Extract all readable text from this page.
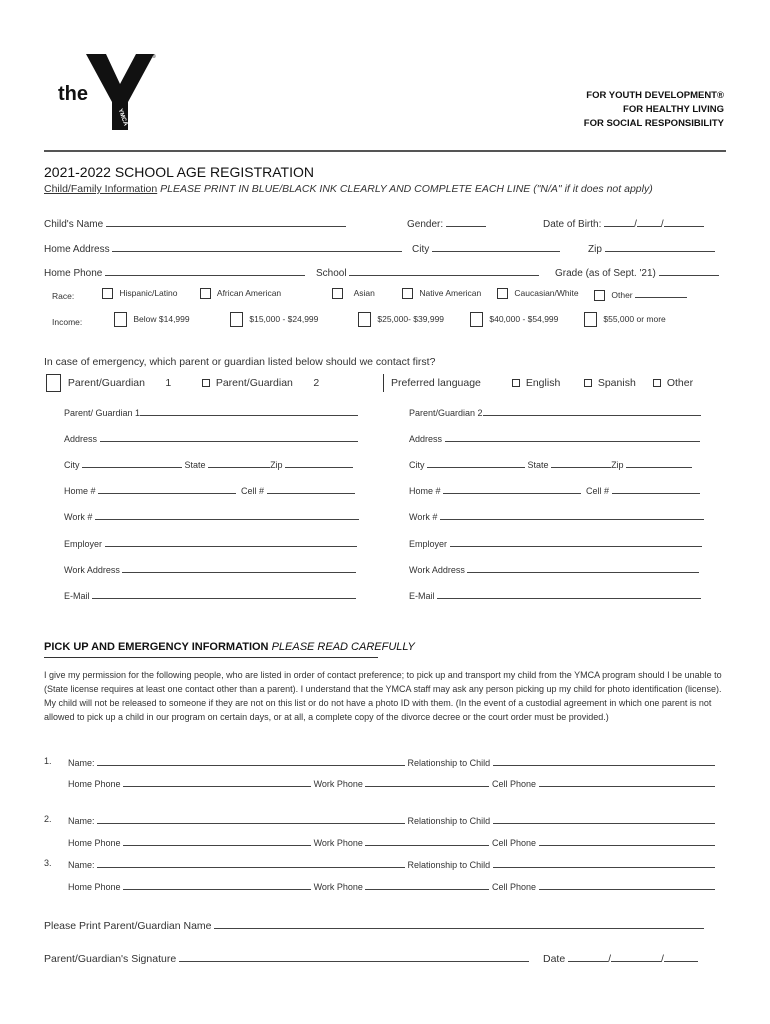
®
the
YMCA
FOR YOUTH DEVELOPMENT®
FOR HEALTHY LIVING
FOR SOCIAL RESPONSIBILITY
2021-2022 SCHOOL AGE REGISTRATION
Child/Family Information PLEASE PRINT IN BLUE/BLACK INK CLEARLY AND COMPLETE EACH LINE ("N/A" if it does not apply)
Child's Name	Gender:	Date of Birth:	/ /
Home Address	City	Zip
Home Phone	School	Grade (as of Sept. '21)
Race:	Hispanic/Latino	African American	Asian	Native American	Caucasian/White	Other
Income:	Below $14,999	$15,000 - $24,999	$25,000- $39,999	$40,000 - $54,999	$55,000 or more
In case of emergency, which parent or guardian listed below should we contact first?
Parent/Guardian 1	Parent/Guardian 2	Preferred language	English	Spanish	Other
Parent/ Guardian 1	Parent/Guardian 2
Address	Address
City	State	Zip	City	State	Zip
Home #	Cell #	Home #	Cell #
Work #	Work #
Employer	Employer
Work Address	Work Address
E-Mail	E-Mail
PICK UP AND EMERGENCY INFORMATION PLEASE READ CAREFULLY
I give my permission for the following people, who are listed in order of contact preference; to pick up and transport my child from the YMCA program should I be unable to (State license requires at least one contact other than a parent). I understand that the YMCA staff may ask any person picking up my child for photo identification (license). My child will not be released to someone if they are not on this list or do not have a photo ID with them. (In the event of a custodial agreement in which one parent is not allowed to pick up a child in our program on certain days, or at all, a complete copy of the divorce decree or the court order must be provided.)
1. Name:	Relationship to Child
Home Phone	Work Phone	Cell Phone
2. Name:	Relationship to Child
Home Phone	Work Phone	Cell Phone
3. Name:	Relationship to Child
Home Phone	Work Phone	Cell Phone
Please Print Parent/Guardian Name
Parent/Guardian's Signature	Date	/	/
